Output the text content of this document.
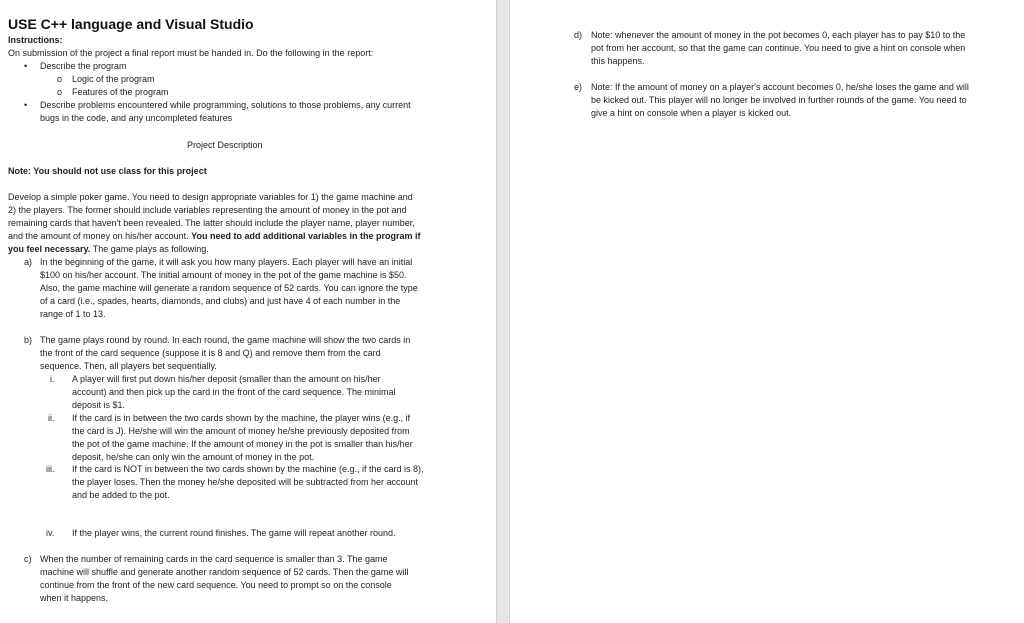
USE C++ language and Visual Studio
Instructions:
On submission of the project a final report must be handed in. Do the following in the report:
• Describe the program
o Logic of the program
o Features of the program
• Describe problems encountered while programming, solutions to those problems, any current
bugs in the code, and any uncompleted features
Project Description
Note: You should not use class for this project
Develop a simple poker game. You need to design appropriate variables for 1) the game machine and
2) the players. The former should include variables representing the amount of money in the pot and
remaining cards that haven't been revealed. The latter should include the player name, player number,
and the amount of money on his/her account. You need to add additional variables in the program if
you feel necessary. The game plays as following.
a) In the beginning of the game, it will ask you how many players. Each player will have an initial
$100 on his/her account. The initial amount of money in the pot of the game machine is $50.
Also, the game machine will generate a random sequence of 52 cards. You can ignore the type
of a card (i.e., spades, hearts, diamonds, and clubs) and just have 4 of each number in the
range of 1 to 13.
b) The game plays round by round. In each round, the game machine will show the two cards in
the front of the card sequence (suppose it is 8 and Q) and remove them from the card
sequence. Then, all players bet sequentially.
i. A player will first put down his/her deposit (smaller than the amount on his/her
account) and then pick up the card in the front of the card sequence. The minimal
deposit is $1.
ii. If the card is in between the two cards shown by the machine, the player wins (e.g., if
the card is J). He/she will win the amount of money he/she previously deposited from
the pot of the game machine. If the amount of money in the pot is smaller than his/her
deposit, he/she can only win the amount of money in the pot.
iii. If the card is NOT in between the two cards shown by the machine (e.g., if the card is 8),
the player loses. Then the money he/she deposited will be subtracted from her account
and be added to the pot.
iv. If the player wins, the current round finishes. The game will repeat another round.
c) When the number of remaining cards in the card sequence is smaller than 3. The game
machine will shuffle and generate another random sequence of 52 cards. Then the game will
continue from the front of the new card sequence. You need to prompt so on the console
when it happens.
d) Note: whenever the amount of money in the pot becomes 0, each player has to pay $10 to the
pot from her account, so that the game can continue. You need to give a hint on console when
this happens.
e) Note: If the amount of money on a player's account becomes 0, he/she loses the game and will
be kicked out. This player will no longer be involved in further rounds of the game. You need to
give a hint on console when a player is kicked out.
